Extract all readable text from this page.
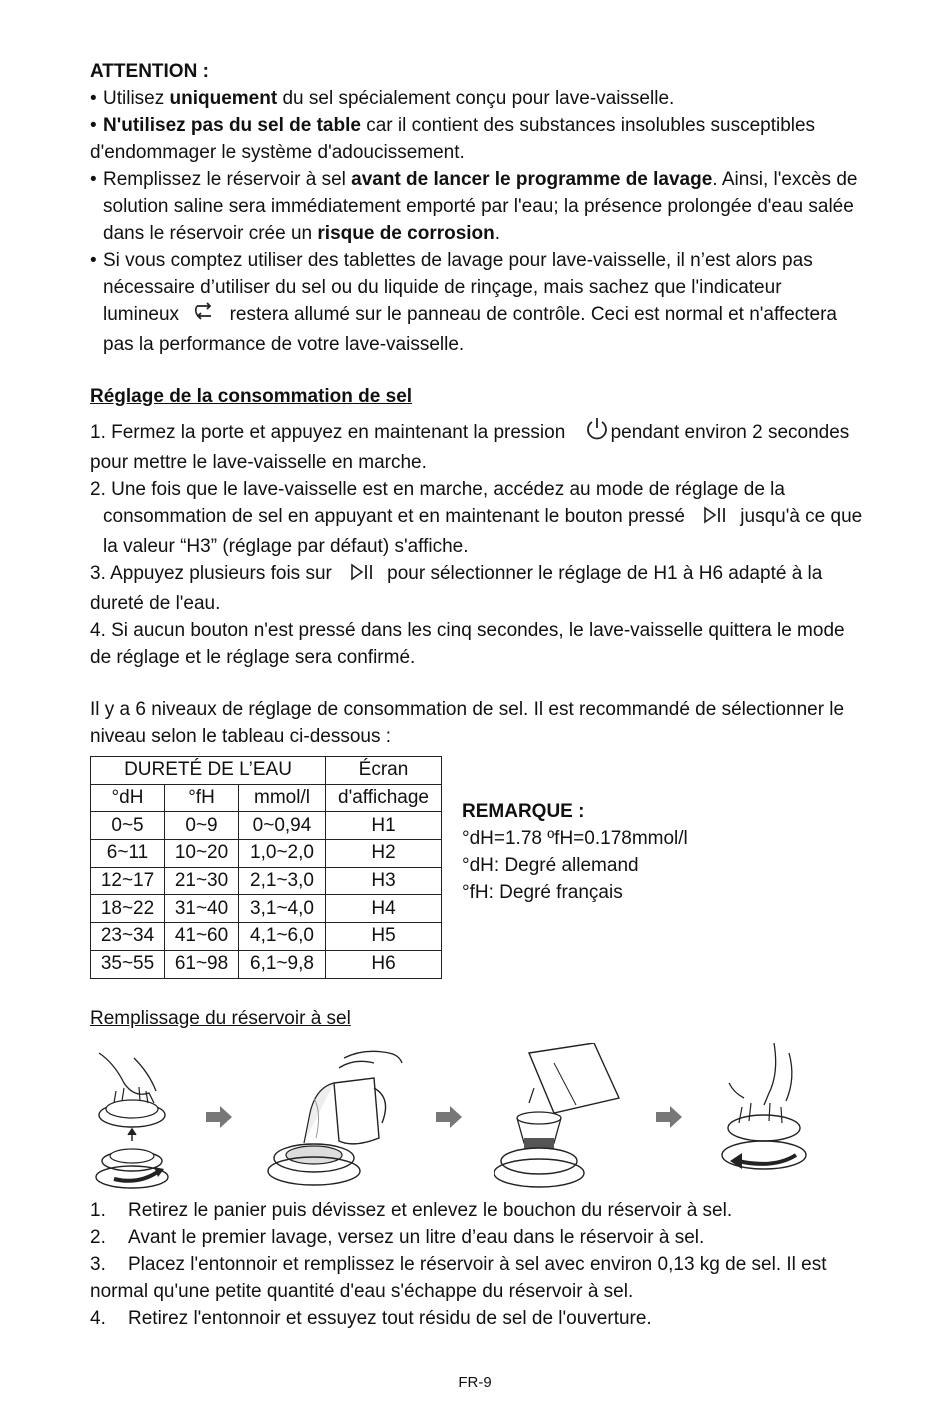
ATTENTION :
• Utilisez uniquement du sel spécialement conçu pour lave-vaisselle.
• N'utilisez pas du sel de table car il contient des substances insolubles susceptibles
d'endommager le système d'adoucissement.
• Remplissez le réservoir à sel avant de lancer le programme de lavage. Ainsi, l'excès de
solution saline sera immédiatement emporté par l'eau; la présence prolongée d'eau salée
dans le réservoir crée un risque de corrosion.
• Si vous comptez utiliser des tablettes de lavage pour lave-vaisselle, il n’est alors pas
nécessaire d’utiliser du sel ou du liquide de rinçage, mais sachez que l'indicateur
lumineux	restera allumé sur le panneau de contrôle. Ceci est normal et n'affectera
pas la performance de votre lave-vaisselle.
Réglage de la consommation de sel
1. Fermez la porte et appuyez en maintenant la pression pendant environ 2 secondes
pour mettre le lave-vaisselle en marche.
2. Une fois que le lave-vaisselle est en marche, accédez au mode de réglage de la
consommation de sel en appuyant et en maintenant le bouton pressé	jusqu'à ce que
la valeur “H3” (réglage par défaut) s'affiche.
3. Appuyez plusieurs fois sur	pour sélectionner le réglage de H1 à H6 adapté à la
dureté de l'eau.
4. Si aucun bouton n'est pressé dans les cinq secondes, le lave-vaisselle quittera le mode
de réglage et le réglage sera confirmé.
Il y a 6 niveaux de réglage de consommation de sel. Il est recommandé de sélectionner le
niveau selon le tableau ci-dessous :
DURETÉ DE L’EAU			Écran
°dH	°fH	mmol/l	d'affichage
0~5	0~9	0~0,94	H1
6~11	10~20	1,0~2,0	H2
12~17	21~30	2,1~3,0	H3
18~22	31~40	3,1~4,0	H4
23~34	41~60	4,1~6,0	H5
35~55	61~98	6,1~9,8	H6
REMARQUE :
°dH=1.78 ºfH=0.178mmol/l
°dH: Degré allemand
°fH: Degré français
Remplissage du réservoir à sel
1. Retirez le panier puis dévissez et enlevez le bouchon du réservoir à sel.
2. Avant le premier lavage, versez un litre d’eau dans le réservoir à sel.
3. Placez l'entonnoir et remplissez le réservoir à sel avec environ 0,13 kg de sel. Il est
normal qu'une petite quantité d'eau s'échappe du réservoir à sel.
4. Retirez l'entonnoir et essuyez tout résidu de sel de l'ouverture.
FR-9
